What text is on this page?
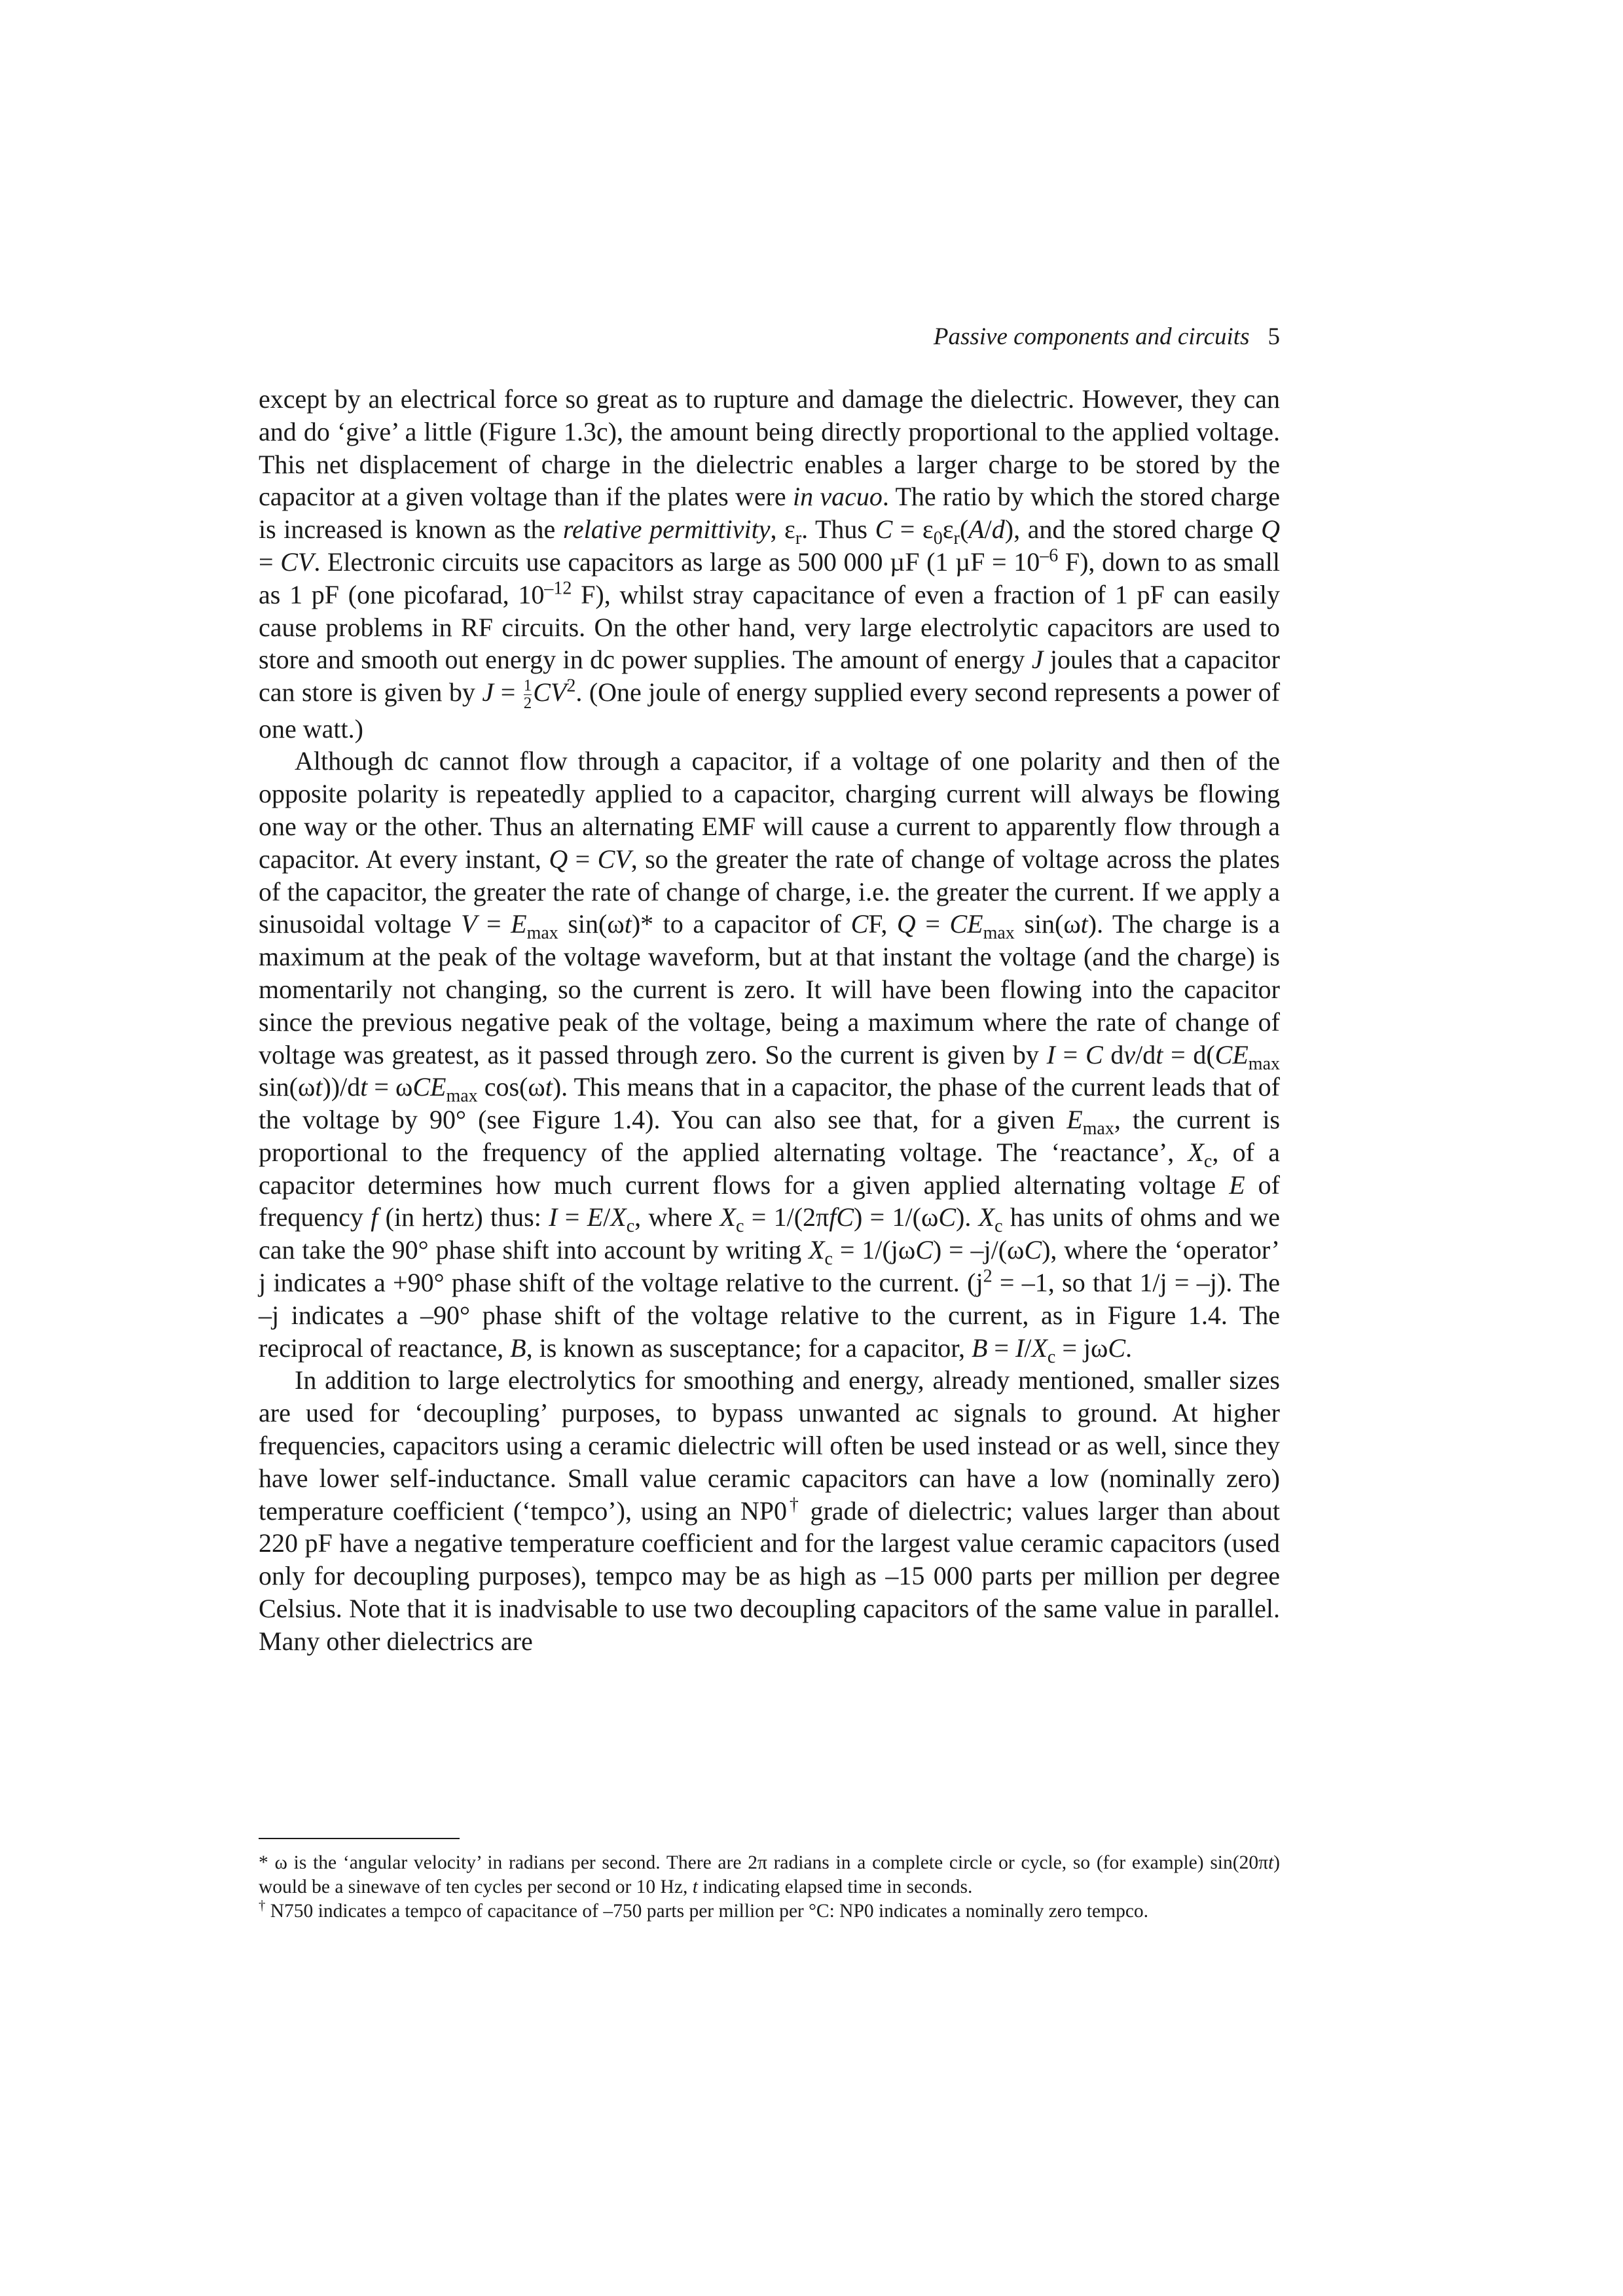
Passive components and circuits 5

except by an electrical force so great as to rupture and damage the dielectric. However, they can and do ‘give’ a little (Figure 1.3c), the amount being directly proportional to the applied voltage. This net displacement of charge in the dielectric enables a larger charge to be stored by the capacitor at a given voltage than if the plates were in vacuo. The ratio by which the stored charge is increased is known as the relative permittivity, $\varepsilon_r$. Thus $C = \varepsilon_0\varepsilon_r(A/d)$, and the stored charge Q = CV. Electronic circuits use capacitors as large as 500 000 µF (1 $\mu F = 10^{-6}$ F), down to as small as 1 pF (one picofarad, $10^{-12}$ F), whilst stray capacitance of even a fraction of 1 pF can easily cause problems in RF circuits. On the other hand, very large electrolytic capacitors are used to store and smooth out energy in dc power supplies. The amount of energy J joules that a capacitor can store is given by $J = \frac{1}{2} CV^2$. (One joule of energy supplied every second represents a power of one watt.)

Although dc cannot flow through a capacitor, if a voltage of one polarity and then of the opposite polarity is repeatedly applied to a capacitor, charging current will always be flowing one way or the other. Thus an alternating EMF will cause a current to apparently flow through a capacitor. At every instant, Q = CV, so the greater the rate of change of voltage across the plates of the capacitor, the greater the rate of change of charge, i.e. the greater the current. If we apply a sinusoidal voltage $V = E_{max}$ sin(ωt)* to a capacitor of CF, $Q = CE_{max}$ sin(ωt). The charge is a maximum at the peak of the voltage waveform, but at that instant the voltage (and the charge) is momentarily not changing, so the current is zero. It will have been flowing into the capacitor since the previous negative peak of the voltage, being a maximum where the rate of change of voltage was greatest, as it passed through zero. So the current is given by I = C $dv/dt = d(CE_{max}$ sin(ωt))/dt = ωCE$_{max}$ cos(ωt). This means that in a capacitor, the phase of the current leads that of the voltage by 90° (see Figure 1.4). You can also see that, for a given $E_{max}$, the current is proportional to the frequency of the applied alternating voltage. The ‘reactance’, $X_c$, of a capacitor determines how much current flows for a given applied alternating voltage E of frequency f (in hertz) thus: $I = E/X_c$, where $X_c = 1/(2\pi fC) = 1/(\omega C)$. $X_c$ has units of ohms and we can take the 90° phase shift into account by writing $X_c = 1/(j\omega C) = -j/(\omega C)$, where the ‘operator’ j indicates a +90° phase shift of the voltage relative to the current. ($j^2 = -1$, so that 1/j = –j). The –j indicates a –90° phase shift of the voltage relative to the current, as in Figure 1.4. The reciprocal of reactance, B, is known as susceptance; for a capacitor, $B = I/X_c = j\omega C$.

In addition to large electrolytics for smoothing and energy, already mentioned, smaller sizes are used for ‘decoupling’ purposes, to bypass unwanted ac signals to ground. At higher frequencies, capacitors using a ceramic dielectric will often be used instead or as well, since they have lower self-inductance. Small value ceramic capacitors can have a low (nominally zero) temperature coefficient (‘tempco’), using an NP0† grade of dielectric; values larger than about 220 pF have a negative temperature coefficient and for the largest value ceramic capacitors (used only for decoupling purposes), tempco may be as high as –15 000 parts per million per degree Celsius. Note that it is inadvisable to use two decoupling capacitors of the same value in parallel. Many other dielectrics are

* ω is the ‘angular velocity’ in radians per second. There are 2π radians in a complete circle or cycle, so (for example) sin(20πt) would be a sinewave of ten cycles per second or 10 Hz, t indicating elapsed time in seconds.

† N750 indicates a tempco of capacitance of –750 parts per million per °C: NP0 indicates a nominally zero tempco.
